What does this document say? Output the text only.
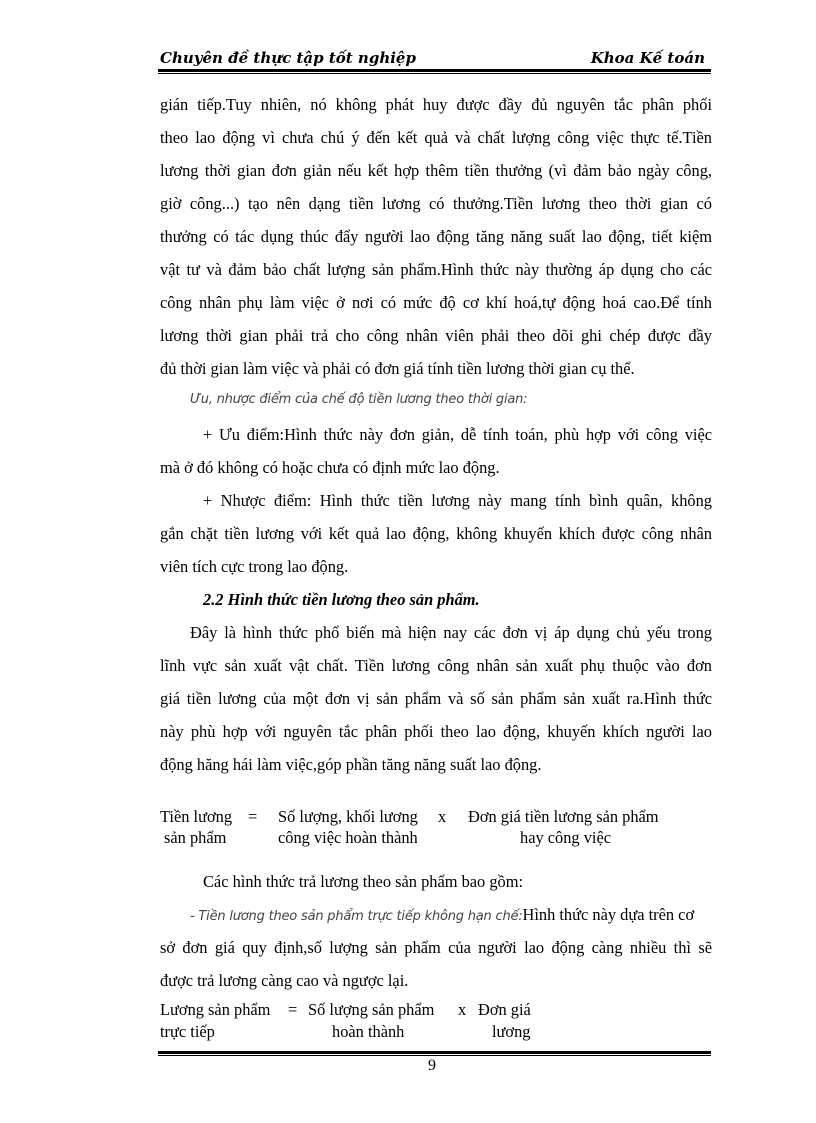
Chuyên đề thực tập tốt nghiệp	Khoa Kế toán
gián tiếp.Tuy nhiên, nó không phát huy được đầy đủ nguyên tắc phân phối
theo lao động vì chưa chú ý đến kết quả và chất lượng công việc thực tế.Tiền
lương thời gian đơn giản nếu kết hợp thêm tiền thưởng (vì đảm bảo ngày công,
giờ công...) tạo nên dạng tiền lương có thưởng.Tiền lương theo thời gian có
thưởng có tác dụng thúc đẩy người lao động tăng năng suất lao động, tiết kiệm
vật tư và đảm bảo chất lượng sản phẩm.Hình thức này thường áp dụng cho các
công nhân phụ làm việc ở nơi có mức độ cơ khí hoá,tự động hoá cao.Để tính
lương thời gian phải trả cho công nhân viên phải theo dõi ghi chép được đầy
đủ thời gian làm việc và phải có đơn giá tính tiền lương thời gian cụ thể.
Ưu, nhược điểm của chế độ tiền lương theo thời gian:
+ Ưu điểm:Hình thức này đơn giản, dễ tính toán, phù hợp với công việc
mà ở đó không có hoặc chưa có định mức lao động.
+ Nhược điểm: Hình thức tiền lương này mang tính bình quân, không
gắn chặt tiền lương với kết quả lao động, không khuyến khích được công nhân
viên tích cực trong lao động.
2.2 Hình thức tiền lương theo sản phẩm.
Đây là hình thức phổ biến mà hiện nay các đơn vị áp dụng chủ yếu trong
lĩnh vực sản xuất vật chất. Tiền lương công nhân sản xuất phụ thuộc vào đơn
giá tiền lương của một đơn vị sản phẩm và số sản phẩm sản xuất ra.Hình thức
này phù hợp với nguyên tắc phân phối theo lao động, khuyến khích người lao
động hăng hái làm việc,góp phần tăng năng suất lao động.
Tiền lương = Số lượng, khối lương x Đơn giá tiền lương sản phẩm
sản phẩm	công việc hoàn thành	hay công việc
Các hình thức trả lương theo sản phẩm bao gồm:
- Tiền lương theo sản phẩm trực tiếp không hạn chế:Hình thức này dựa trên cơ
sở đơn giá quy định,số lượng sản phẩm của người lao động càng nhiều thì sẽ
được trả lương càng cao và ngược lại.
Lương sản phẩm = Số lượng sản phẩm x Đơn giá
trực tiếp	hoàn thành	lương
9
